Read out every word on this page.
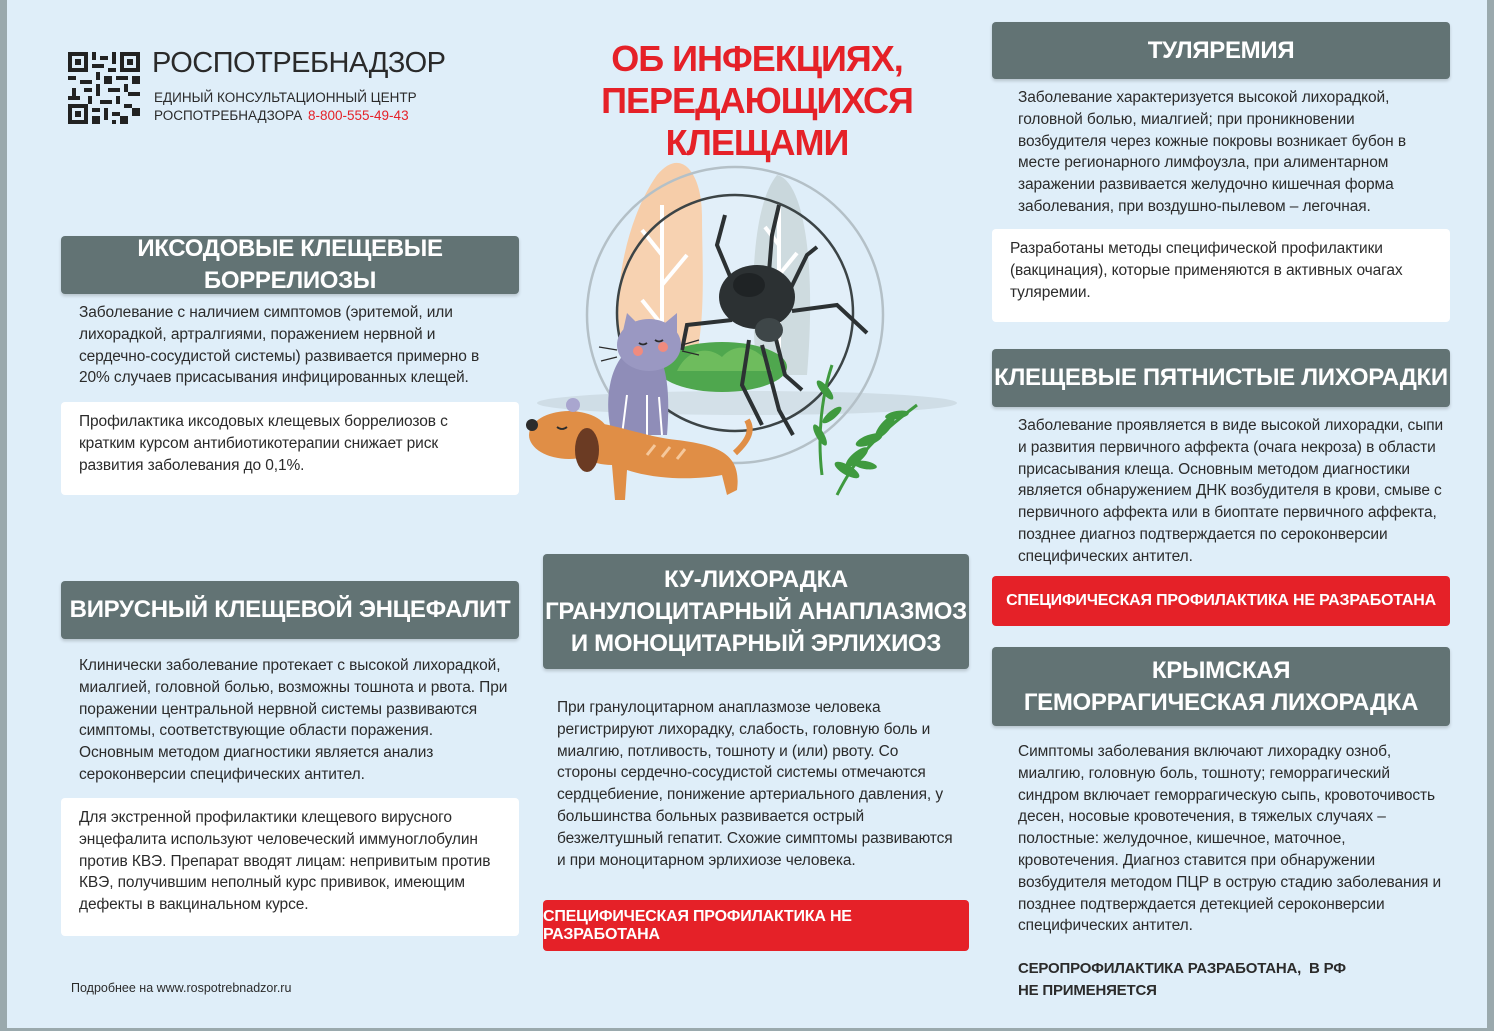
РОСПОТРЕБНАДЗОР
ЕДИНЫЙ КОНСУЛЬТАЦИОННЫЙ ЦЕНТР
РОСПОТРЕБНАДЗОРА 8-800-555-49-43
ОБ ИНФЕКЦИЯХ,
ПЕРЕДАЮЩИХСЯ КЛЕЩАМИ
ИКСОДОВЫЕ КЛЕЩЕВЫЕ БОРРЕЛИОЗЫ
Заболевание с наличием симптомов (эритемой, или лихорадкой, артралгиями, поражением нервной и сердечно-сосудистой системы) развивается примерно в 20% случаев присасывания инфицированных клещей.
Профилактика иксодовых клещевых боррелиозов с кратким курсом антибиотикотерапии снижает риск развития заболевания до 0,1%.
ВИРУСНЫЙ КЛЕЩЕВОЙ ЭНЦЕФАЛИТ
Клинически заболевание протекает с высокой лихорадкой, миалгией, головной болью, возможны тошнота и рвота. При поражении центральной нервной системы развиваются симптомы, соответствующие области поражения. Основным методом диагностики является анализ сероконверсии специфических антител.
Для экстренной профилактики клещевого вирусного энцефалита используют человеческий иммуноглобулин против КВЭ. Препарат вводят лицам: непривитым против КВЭ, получившим неполный курс прививок, имеющим дефекты в вакцинальном курсе.
Подробнее на www.rospotrebnadzor.ru
КУ-ЛИХОРАДКА
ГРАНУЛОЦИТАРНЫЙ АНАПЛАЗМОЗ
И МОНОЦИТАРНЫЙ ЭРЛИХИОЗ
При гранулоцитарном анаплазмозе человека регистрируют лихорадку, слабость, головную боль и миалгию, потливость, тошноту и (или) рвоту. Со стороны сердечно-сосудистой системы отмечаются сердцебиение, понижение артериального давления, у большинства больных развивается острый безжелтушный гепатит. Схожие симптомы развиваются и при моноцитарном эрлихиозе человека.
СПЕЦИФИЧЕСКАЯ ПРОФИЛАКТИКА НЕ РАЗРАБОТАНА
ТУЛЯРЕМИЯ
Заболевание характеризуется высокой лихорадкой, головной болью, миалгией; при проникновении возбудителя через кожные покровы возникает бубон в месте регионарного лимфоузла, при алиментарном заражении развивается желудочно кишечная форма заболевания, при воздушно-пылевом – легочная.
Разработаны методы специфической профилактики (вакцинация), которые применяются в активных очагах туляремии.
КЛЕЩЕВЫЕ ПЯТНИСТЫЕ ЛИХОРАДКИ
Заболевание проявляется в виде высокой лихорадки, сыпи и развития первичного аффекта (очага некроза) в области присасывания клеща. Основным методом диагностики является обнаружением ДНК возбудителя в крови, смыве с первичного аффекта или в биоптате первичного аффекта, позднее диагноз подтверждается по сероконверсии специфических антител.
СПЕЦИФИЧЕСКАЯ ПРОФИЛАКТИКА НЕ РАЗРАБОТАНА
КРЫМСКАЯ
ГЕМОРРАГИЧЕСКАЯ ЛИХОРАДКА
Симптомы заболевания включают лихорадку озноб, миалгию, головную боль, тошноту; геморрагический синдром включает геморрагическую сыпь, кровоточивость десен, носовые кровотечения, в тяжелых случаях – полостные: желудочное, кишечное, маточное, кровотечения. Диагноз ставится при обнаружении возбудителя методом ПЦР в острую стадию заболевания и позднее подтверждается детекцией сероконверсии специфических антител.
СЕРОПРОФИЛАКТИКА РАЗРАБОТАНА,  В РФ
НЕ ПРИМЕНЯЕТСЯ
